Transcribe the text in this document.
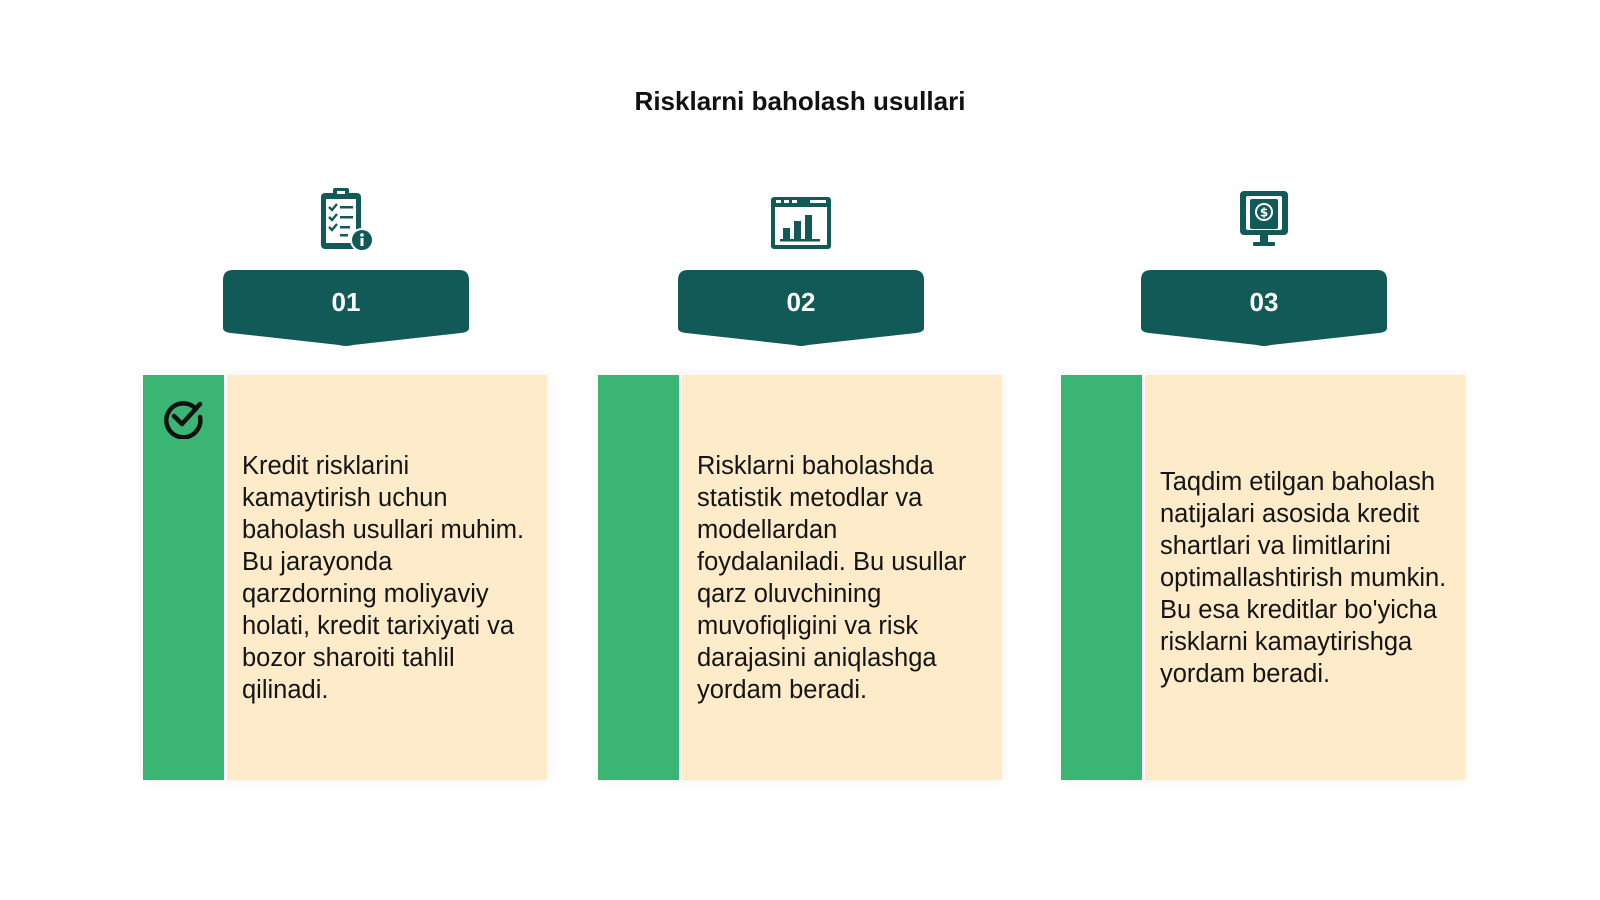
Risklarni baholash usullari
01

Kredit risklarini kamaytirish uchun baholash usullari muhim. Bu jarayonda qarzdorning moliyaviy holati, kredit tarixiyati va bozor sharoiti tahlil qilinadi.

02

Risklarni baholashda statistik metodlar va modellardan foydalaniladi. Bu usullar qarz oluvchining muvofiqligini va risk darajasini aniqlashga yordam beradi.

$
03

Taqdim etilgan baholash natijalari asosida kredit shartlari va limitlarini optimallashtirish mumkin. Bu esa kreditlar bo'yicha risklarni kamaytirishga yordam beradi.
